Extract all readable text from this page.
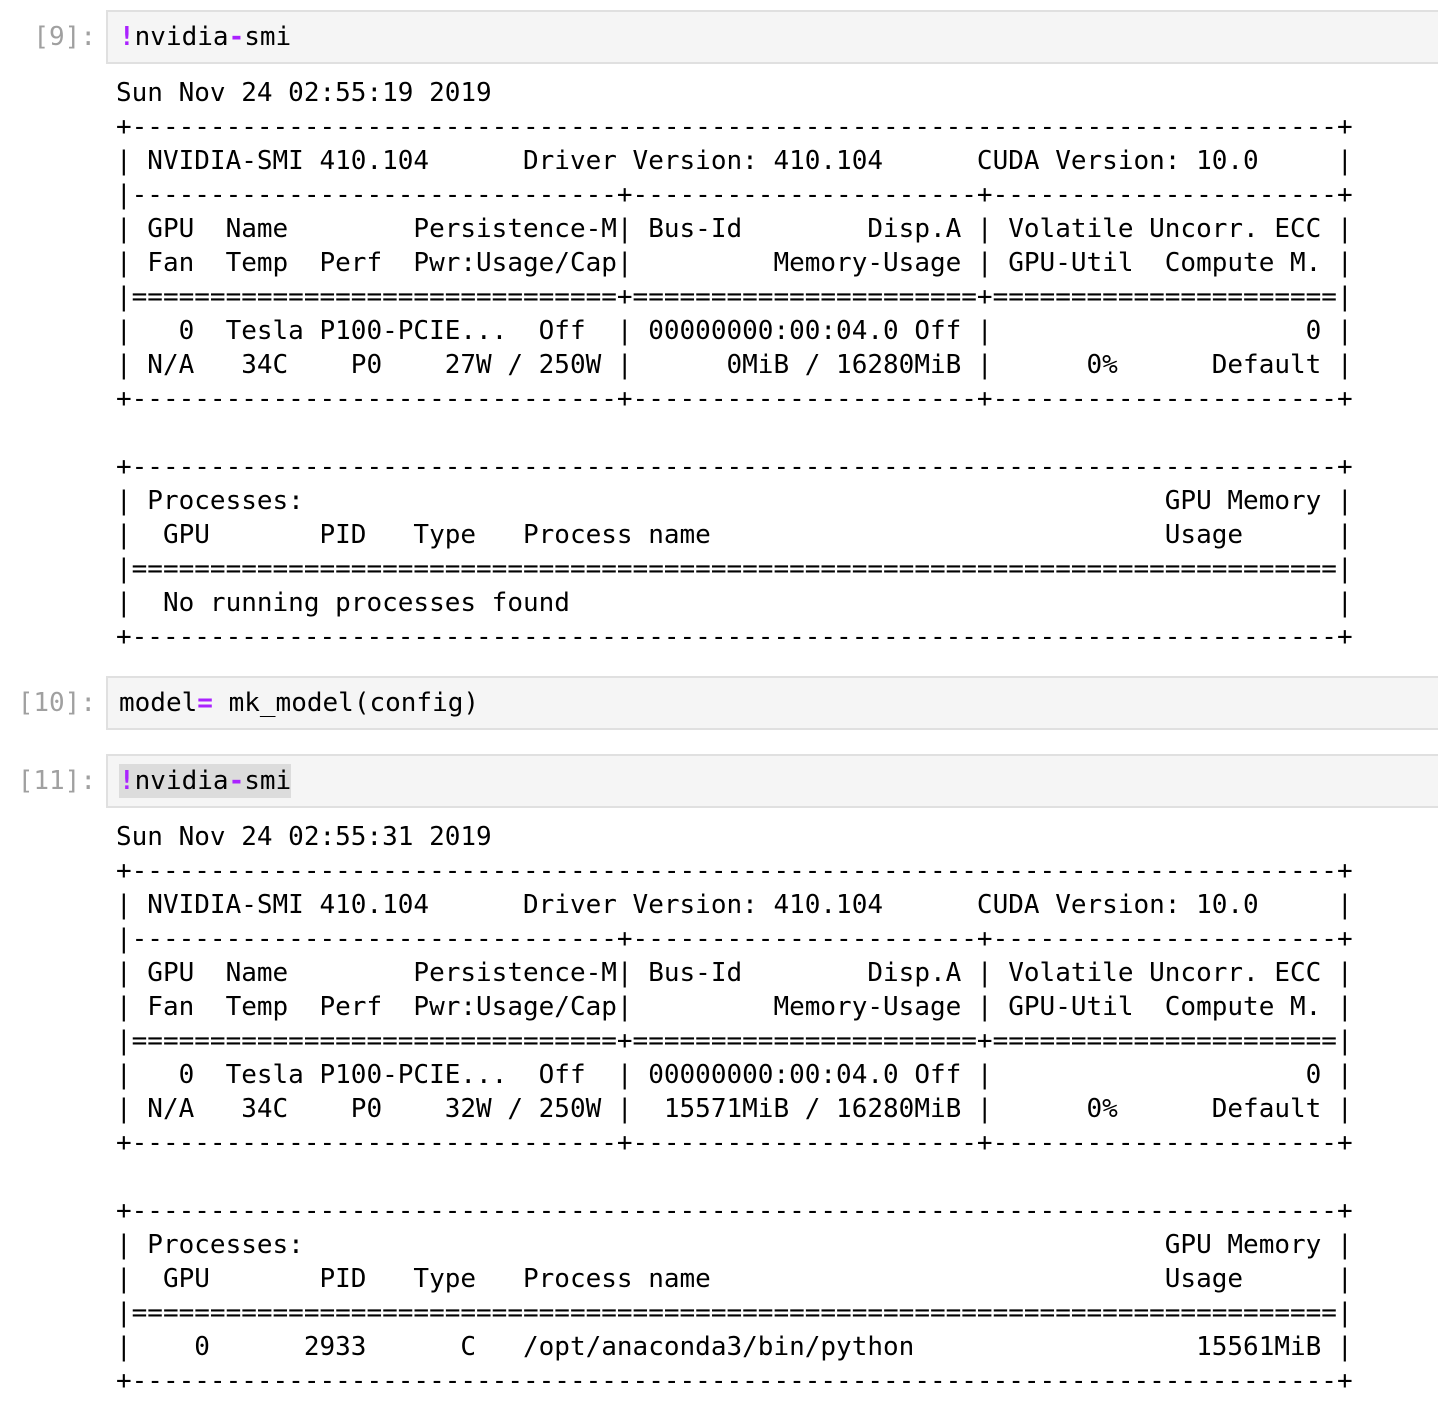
[9]: !nvidia-smi
Sun Nov 24 02:55:19 2019
+-----------------------------------------------------------------------------+
| NVIDIA-SMI 410.104      Driver Version: 410.104      CUDA Version: 10.0     |
|-------------------------------+----------------------+----------------------+
| GPU  Name        Persistence-M| Bus-Id        Disp.A | Volatile Uncorr. ECC |
| Fan  Temp  Perf  Pwr:Usage/Cap|         Memory-Usage | GPU-Util  Compute M. |
|===============================+======================+======================|
|   0  Tesla P100-PCIE...  Off  | 00000000:00:04.0 Off |                    0 |
| N/A   34C    P0    27W / 250W |      0MiB / 16280MiB |      0%      Default |
+-------------------------------+----------------------+----------------------+

+-----------------------------------------------------------------------------+
| Processes:                                                       GPU Memory |
|  GPU       PID   Type   Process name                             Usage      |
|=============================================================================|
|  No running processes found                                                 |
+-----------------------------------------------------------------------------+
[10]: model= mk_model(config)
[11]: !nvidia-smi
Sun Nov 24 02:55:31 2019
+-----------------------------------------------------------------------------+
| NVIDIA-SMI 410.104      Driver Version: 410.104      CUDA Version: 10.0     |
|-------------------------------+----------------------+----------------------+
| GPU  Name        Persistence-M| Bus-Id        Disp.A | Volatile Uncorr. ECC |
| Fan  Temp  Perf  Pwr:Usage/Cap|         Memory-Usage | GPU-Util  Compute M. |
|===============================+======================+======================|
|   0  Tesla P100-PCIE...  Off  | 00000000:00:04.0 Off |                    0 |
| N/A   34C    P0    32W / 250W |  15571MiB / 16280MiB |      0%      Default |
+-------------------------------+----------------------+----------------------+

+-----------------------------------------------------------------------------+
| Processes:                                                       GPU Memory |
|  GPU       PID   Type   Process name                             Usage      |
|=============================================================================|
|    0      2933      C   /opt/anaconda3/bin/python                  15561MiB |
+-----------------------------------------------------------------------------+
